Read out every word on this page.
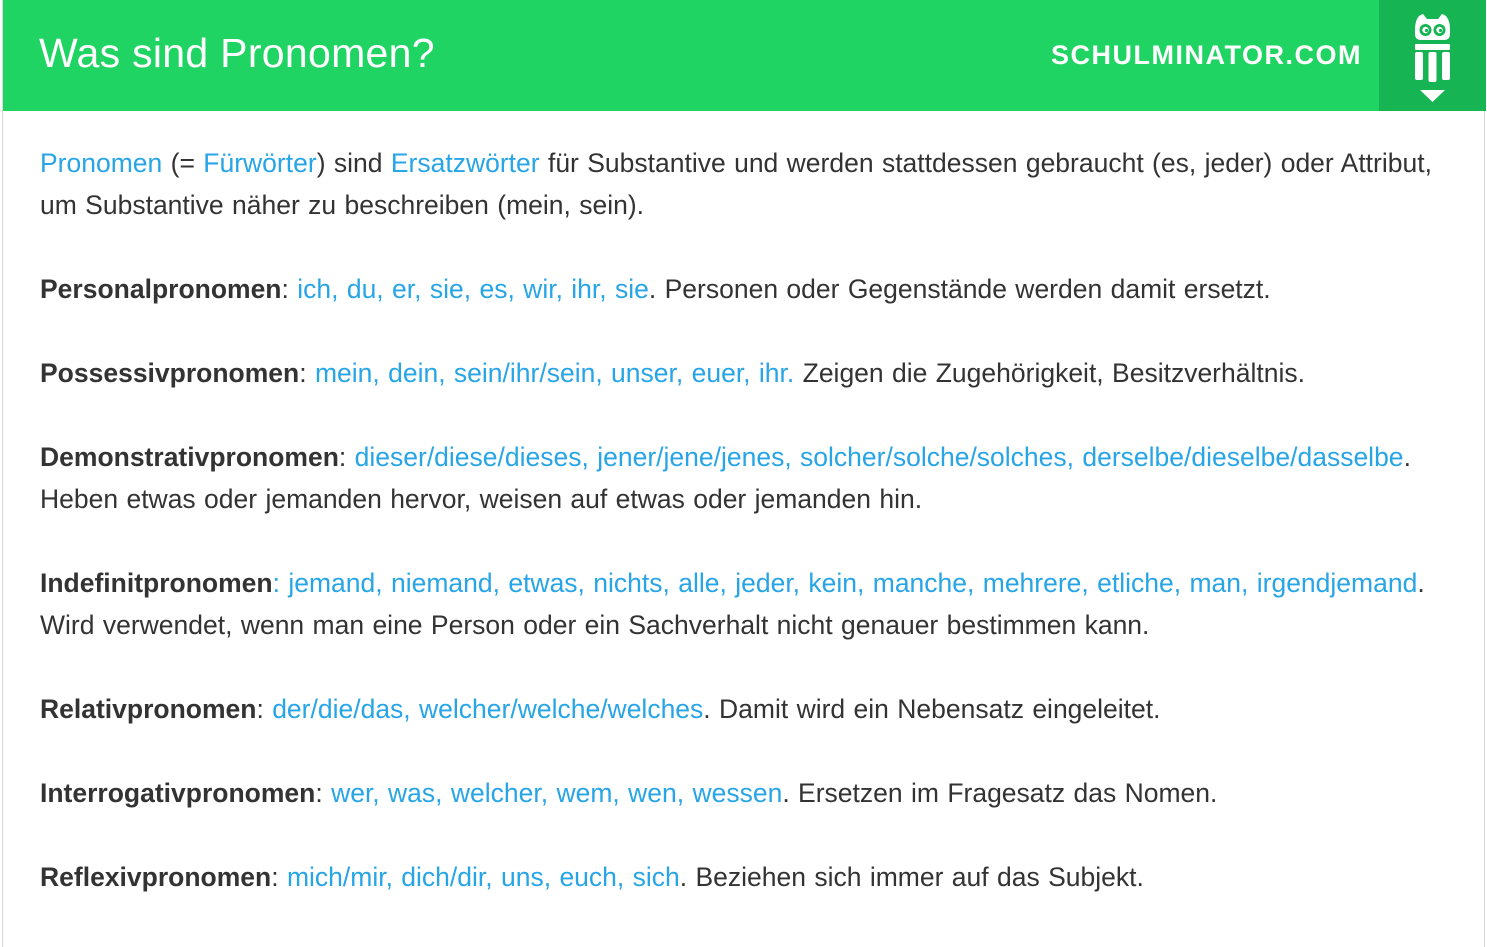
Was sind Pronomen?	SCHULMINATOR.COM

Pronomen (= Fürwörter) sind Ersatzwörter für Substantive und werden stattdessen gebraucht (es, jeder) oder Attribut, um Substantive näher zu beschreiben (mein, sein).

Personalpronomen: ich, du, er, sie, es, wir, ihr, sie. Personen oder Gegenstände werden damit ersetzt.

Possessivpronomen: mein, dein, sein/ihr/sein, unser, euer, ihr. Zeigen die Zugehörigkeit, Besitzverhältnis.

Demonstrativpronomen: dieser/diese/dieses, jener/jene/jenes, solcher/solche/solches, derselbe/dieselbe/dasselbe. Heben etwas oder jemanden hervor, weisen auf etwas oder jemanden hin.

Indefinitpronomen: jemand, niemand, etwas, nichts, alle, jeder, kein, manche, mehrere, etliche, man, irgendjemand. Wird verwendet, wenn man eine Person oder ein Sachverhalt nicht genauer bestimmen kann.

Relativpronomen: der/die/das, welcher/welche/welches. Damit wird ein Nebensatz eingeleitet.

Interrogativpronomen: wer, was, welcher, wem, wen, wessen. Ersetzen im Fragesatz das Nomen.

Reflexivpronomen: mich/mir, dich/dir, uns, euch, sich. Beziehen sich immer auf das Subjekt.
